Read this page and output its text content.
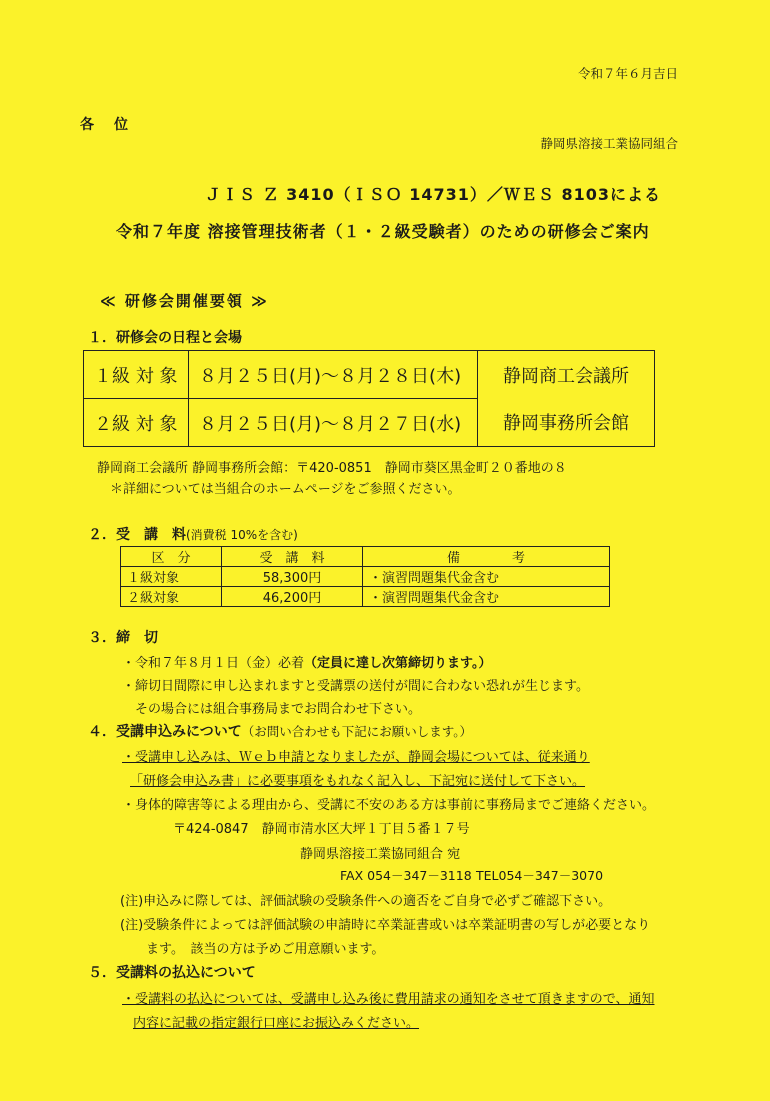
令和７年６月吉日
各　位
静岡県溶接工業協同組合
ＪＩＳ Ｚ 3410（ＩＳＯ 14731）／ＷＥＳ 8103による
令和７年度 溶接管理技術者（１・２級受験者）のための研修会ご案内
≪ 研修会開催要領 ≫
１．研修会の日程と会場
１級 対 象	８月２５日(月)～８月２８日(木)	静岡商工会議所
２級 対 象	８月２５日(月)～８月２７日(水)	静岡事務所会館
静岡商工会議所 静岡事務所会館：〒420-0851　静岡市葵区黒金町２０番地の８
＊詳細については当組合のホームページをご参照ください。
２．受　講　料(消費税 10%を含む)
区　分	受　講　料	備　　　　考
１級対象	58,300円	・演習問題集代金含む
２級対象	46,200円	・演習問題集代金含む
３．締　切
・令和７年８月１日（金）必着（定員に達し次第締切ります。）
・締切日間際に申し込まれますと受講票の送付が間に合わない恐れが生じます。
その場合には組合事務局までお問合わせ下さい。
４．受講申込みについて（お問い合わせも下記にお願いします。）
・受講申し込みは、Ｗｅｂ申請となりましたが、静岡会場については、従来通り
「研修会申込み書」に必要事項をもれなく記入し、下記宛に送付して下さい。
・身体的障害等による理由から、受講に不安のある方は事前に事務局までご連絡ください。
〒424-0847　静岡市清水区大坪１丁目５番１７号
静岡県溶接工業協同組合 宛
FAX 054－347－3118 TEL054－347－3070
(注)申込みに際しては、評価試験の受験条件への適否をご自身で必ずご確認下さい。
(注)受験条件によっては評価試験の申請時に卒業証書或いは卒業証明書の写しが必要となり
ます。　該当の方は予めご用意願います。
５．受講料の払込について
・受講料の払込については、受講申し込み後に費用請求の通知をさせて頂きますので、通知
内容に記載の指定銀行口座にお振込みください。
